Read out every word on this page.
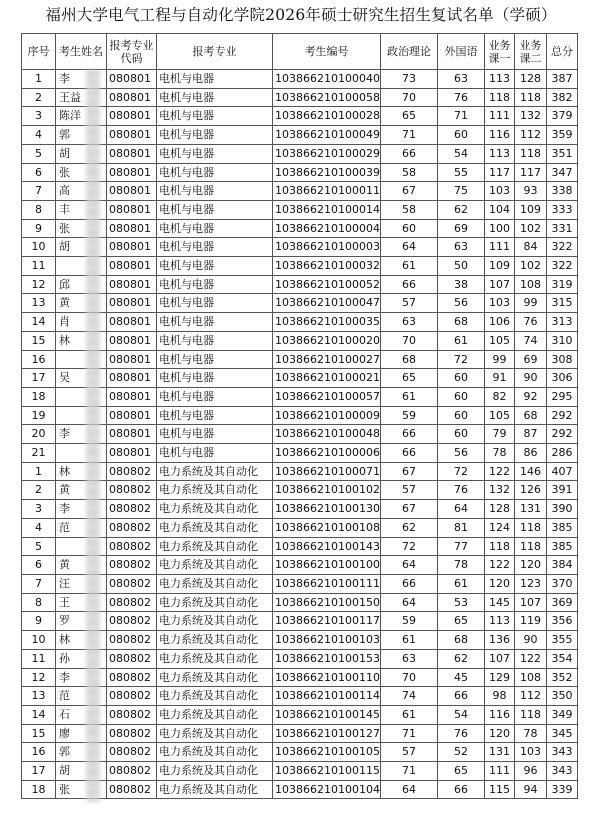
福州大学电气工程与自动化学院2026年硕士研究生招生复试名单（学硕）
序号	考生姓名	报考专业代码	报考专业	考生编号	政治理论	外国语	业务课一	业务课二	总分
1	李	080801	电机与电器	103866210100040	73	63	113	128	387
2	王益	080801	电机与电器	103866210100058	70	76	118	118	382
3	陈洋	080801	电机与电器	103866210100028	65	71	111	132	379
4	郭	080801	电机与电器	103866210100049	71	60	116	112	359
5	胡	080801	电机与电器	103866210100029	66	54	113	118	351
6	张	080801	电机与电器	103866210100039	58	55	117	117	347
7	高	080801	电机与电器	103866210100011	67	75	103	93	338
8	丰	080801	电机与电器	103866210100014	58	62	104	109	333
9	张	080801	电机与电器	103866210100004	60	69	100	102	331
10	胡	080801	电机与电器	103866210100003	64	63	111	84	322
11		080801	电机与电器	103866210100032	61	50	109	102	322
12	邱	080801	电机与电器	103866210100052	66	38	107	108	319
13	黄	080801	电机与电器	103866210100047	57	56	103	99	315
14	肖	080801	电机与电器	103866210100035	63	68	106	76	313
15	林	080801	电机与电器	103866210100020	70	61	105	74	310
16		080801	电机与电器	103866210100027	68	72	99	69	308
17	吴	080801	电机与电器	103866210100021	65	60	91	90	306
18		080801	电机与电器	103866210100057	61	60	82	92	295
19		080801	电机与电器	103866210100009	59	60	105	68	292
20	李	080801	电机与电器	103866210100048	66	60	79	87	292
21		080801	电机与电器	103866210100006	66	56	78	86	286
1	林	080802	电力系统及其自动化	103866210100071	67	72	122	146	407
2	黄	080802	电力系统及其自动化	103866210100102	57	76	132	126	391
3	李	080802	电力系统及其自动化	103866210100130	67	64	128	131	390
4	范	080802	电力系统及其自动化	103866210100108	62	81	124	118	385
5		080802	电力系统及其自动化	103866210100143	72	77	118	118	385
6	黄	080802	电力系统及其自动化	103866210100100	64	78	122	120	384
7	汪	080802	电力系统及其自动化	103866210100111	66	61	120	123	370
8	王	080802	电力系统及其自动化	103866210100150	64	53	145	107	369
9	罗	080802	电力系统及其自动化	103866210100117	59	65	113	119	356
10	林	080802	电力系统及其自动化	103866210100103	61	68	136	90	355
11	孙	080802	电力系统及其自动化	103866210100153	63	62	107	122	354
12	李	080802	电力系统及其自动化	103866210100110	70	45	129	108	352
13	范	080802	电力系统及其自动化	103866210100114	74	66	98	112	350
14	石	080802	电力系统及其自动化	103866210100145	61	54	116	118	349
15	廖	080802	电力系统及其自动化	103866210100127	71	76	120	78	345
16	郭	080802	电力系统及其自动化	103866210100105	57	52	131	103	343
17	胡	080802	电力系统及其自动化	103866210100115	71	65	111	96	343
18	张	080802	电力系统及其自动化	103866210100104	64	66	115	94	339
